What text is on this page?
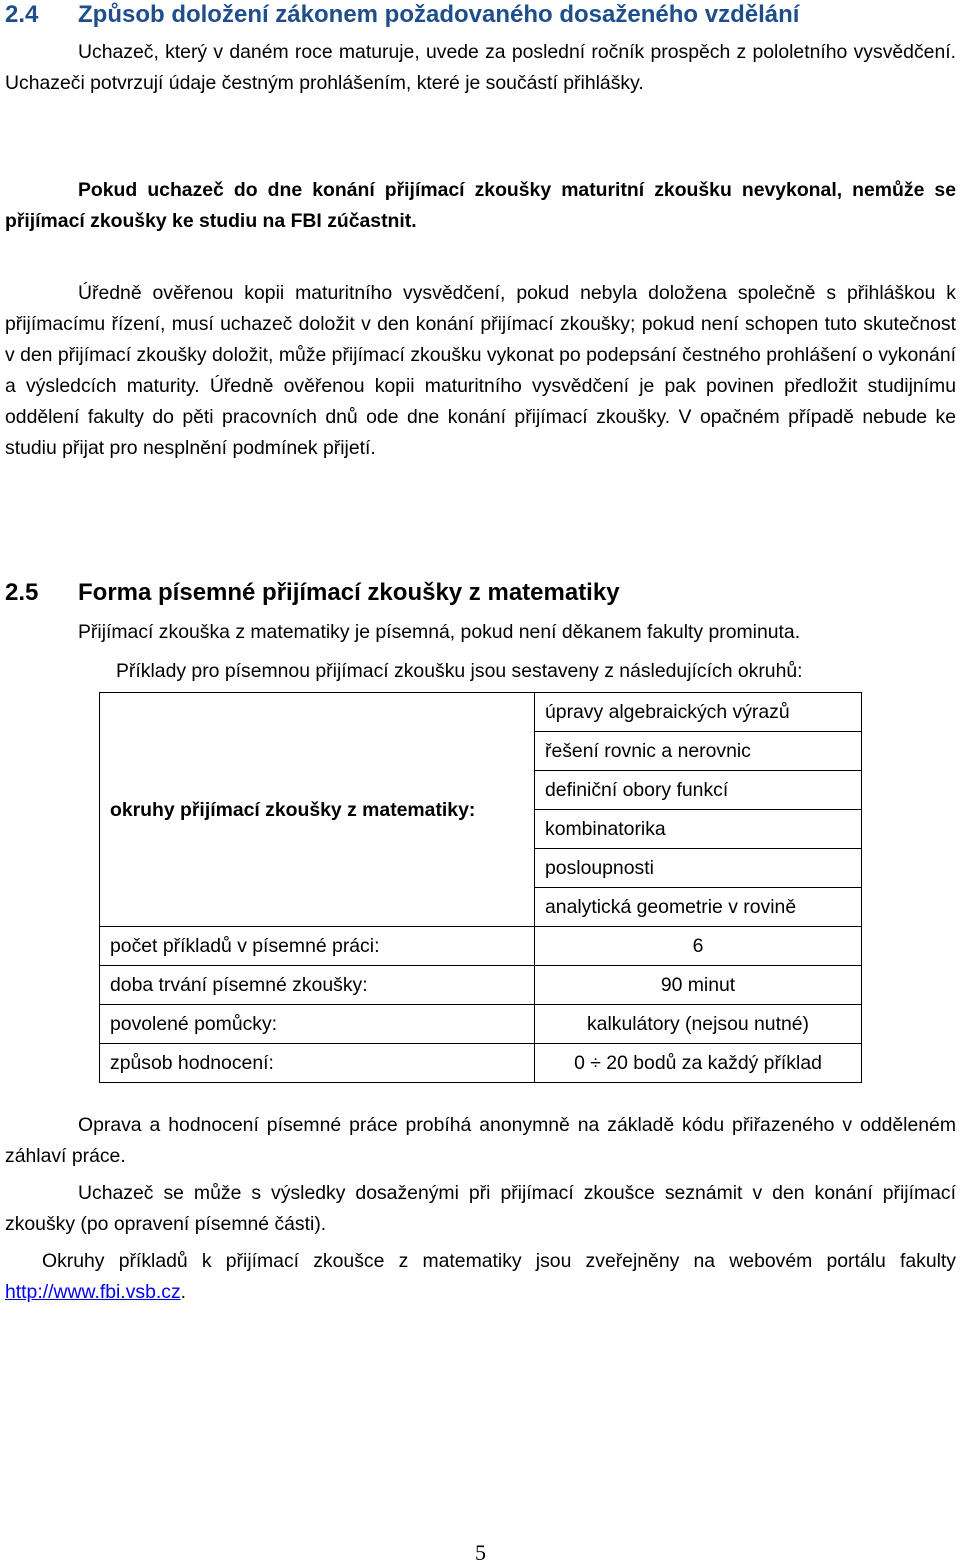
2.4	Způsob doložení zákonem požadovaného dosaženého vzdělání

Uchazeč, který v daném roce maturuje, uvede za poslední ročník prospěch z pololetního vysvědčení. Uchazeči potvrzují údaje čestným prohlášením, které je součástí přihlášky.

Pokud uchazeč do dne konání přijímací zkoušky maturitní zkoušku nevykonal, nemůže se přijímací zkoušky ke studiu na FBI zúčastnit.

Úředně ověřenou kopii maturitního vysvědčení, pokud nebyla doložena společně s přihláškou k přijímacímu řízení, musí uchazeč doložit v den konání přijímací zkoušky; pokud není schopen tuto skutečnost v den přijímací zkoušky doložit, může přijímací zkoušku vykonat po podepsání čestného prohlášení o vykonání a výsledcích maturity. Úředně ověřenou kopii maturitního vysvědčení je pak povinen předložit studijnímu oddělení fakulty do pěti pracovních dnů ode dne konání přijímací zkoušky. V opačném případě nebude ke studiu přijat pro nesplnění podmínek přijetí.

2.5	Forma písemné přijímací zkoušky z matematiky

Přijímací zkouška z matematiky je písemná, pokud není děkanem fakulty prominuta.

Příklady pro písemnou přijímací zkoušku jsou sestaveny z následujících okruhů:

okruhy přijímací zkoušky z matematiky:	úpravy algebraických výrazů
	řešení rovnic a nerovnic
	definiční obory funkcí
	kombinatorika
	posloupnosti
	analytická geometrie v rovině
počet příkladů v písemné práci:	6
doba trvání písemné zkoušky:	90 minut
povolené pomůcky:	kalkulátory (nejsou nutné)
způsob hodnocení:	0 ÷ 20 bodů za každý příklad

Oprava a hodnocení písemné práce probíhá anonymně na základě kódu přiřazeného v odděleném záhlaví práce.

Uchazeč se může s výsledky dosaženými při přijímací zkoušce seznámit v den konání přijímací zkoušky (po opravení písemné části).

Okruhy příkladů k přijímací zkoušce z matematiky jsou zveřejněny na webovém portálu fakulty http://www.fbi.vsb.cz.

5
